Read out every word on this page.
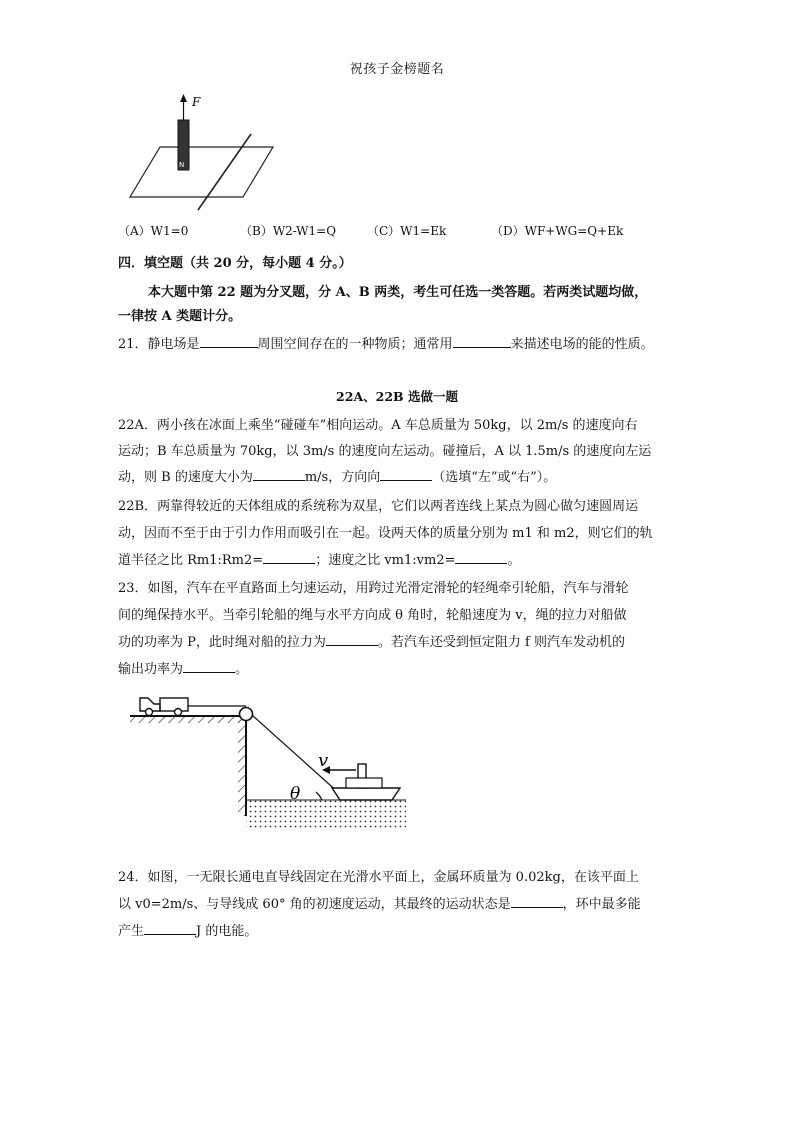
祝孩子金榜题名
F
N
（A）W1=0	（B）W2-W1=Q	（C）W1=Ek	（D）WF+WG=Q+Ek
四．填空题（共 20 分，每小题 4 分。）
本大题中第 22 题为分叉题，分 A、B 两类，考生可任选一类答题。若两类试题均做，
一律按 A 类题计分。
21．静电场是	周围空间存在的一种物质；通常用	来描述电场的能的性质。
22A、22B 选做一题
22A．两小孩在冰面上乘坐“碰碰车”相向运动。A 车总质量为 50kg，以 2m/s 的速度向右
运动；B 车总质量为 70kg，以 3m/s 的速度向左运动。碰撞后，A 以 1.5m/s 的速度向左运
动，则 B 的速度大小为	m/s，方向向	（选填“左”或“右”）。
22B．两靠得较近的天体组成的系统称为双星，它们以两者连线上某点为圆心做匀速圆周运
动，因而不至于由于引力作用而吸引在一起。设两天体的质量分别为 m1 和 m2，则它们的轨
道半径之比 Rm1:Rm2=	；速度之比 vm1:vm2=	。
23．如图，汽车在平直路面上匀速运动，用跨过光滑定滑轮的轻绳牵引轮船，汽车与滑轮
间的绳保持水平。当牵引轮船的绳与水平方向成 θ 角时，轮船速度为 v，绳的拉力对船做
功的功率为 P，此时绳对船的拉力为	。若汽车还受到恒定阻力 f 则汽车发动机的
输出功率为	。
v
θ
24．如图，一无限长通电直导线固定在光滑水平面上，金属环质量为 0.02kg，在该平面上
以 v0=2m/s、与导线成 60° 角的初速度运动，其最终的运动状态是	，环中最多能
产生	J 的电能。
